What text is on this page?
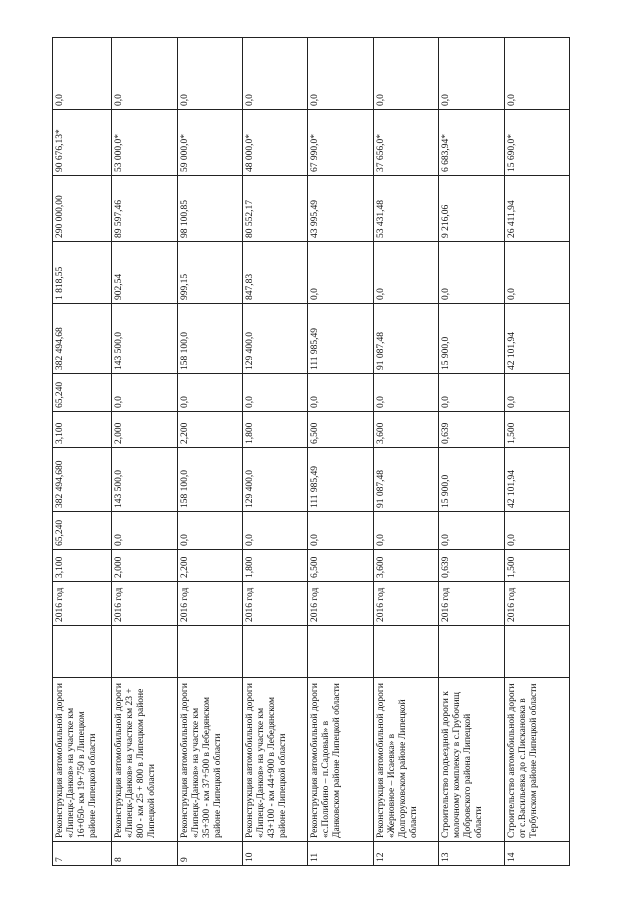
7	Реконструкция автомобильной дороги «Липецк-Данков» на участке км 16+050- км 19+750 в Липецком районе Липецкой области		2016 год	3,100	65,240	382 494,680	3,100	65,240	382 494,68	1 818,55	290 000,00	90 676,13*	0,0
8	Реконструкция автомобильной дороги «Липецк-Данков» на участке км 23 + 800 - км 25 + 800 в Липецком районе Липецкой области		2016 год	2,000	0,0	143 500,0	2,000	0,0	143 500,0	902,54	89 597,46	53 000,0*	0,0
9	Реконструкция автомобильной дороги «Липецк-Данков» на участке км 35+300 - км 37+500 в Лебедянском районе Липецкой области		2016 год	2,200	0,0	158 100,0	2,200	0,0	158 100,0	999,15	98 100,85	59 000,0*	0,0
10	Реконструкция автомобильной дороги «Липецк-Данков» на участке км 43+100 - км 44+900 в Лебедянском районе Липецкой области		2016 год	1,800	0,0	129 400,0	1,800	0,0	129 400,0	847,83	80 552,17	48 000,0*	0,0
11	Реконструкция автомобильной дороги «с.Полибино – п.Садовый» в Данковском районе Липецкой области		2016 год	6,500	0,0	111 985,49	6,500	0,0	111 985,49	0,0	43 995,49	67 990,0*	0,0
12	Реконструкция автомобильной дороги «Жерновное – Исаевка» в Долгоруковском районе Липецкой области		2016 год	3,600	0,0	91 087,48	3,600	0,0	91 087,48	0,0	53 431,48	37 656,0*	0,0
13	Строительство подъездной дороги к молочному комплексу в с.Грубочищ Добровского района Липецкой области		2016 год	0,639	0,0	15 900,0	0,639	0,0	15 900,0	0,0	9 216,06	6 683,94*	0,0
14	Строительство автомобильной дороги от с.Васильевка до с.Пискановка в Тербунском районе Липецкой области		2016 год	1,500	0,0	42 101,94	1,500	0,0	42 101,94	0,0	26 411,94	15 690,0*	0,0
